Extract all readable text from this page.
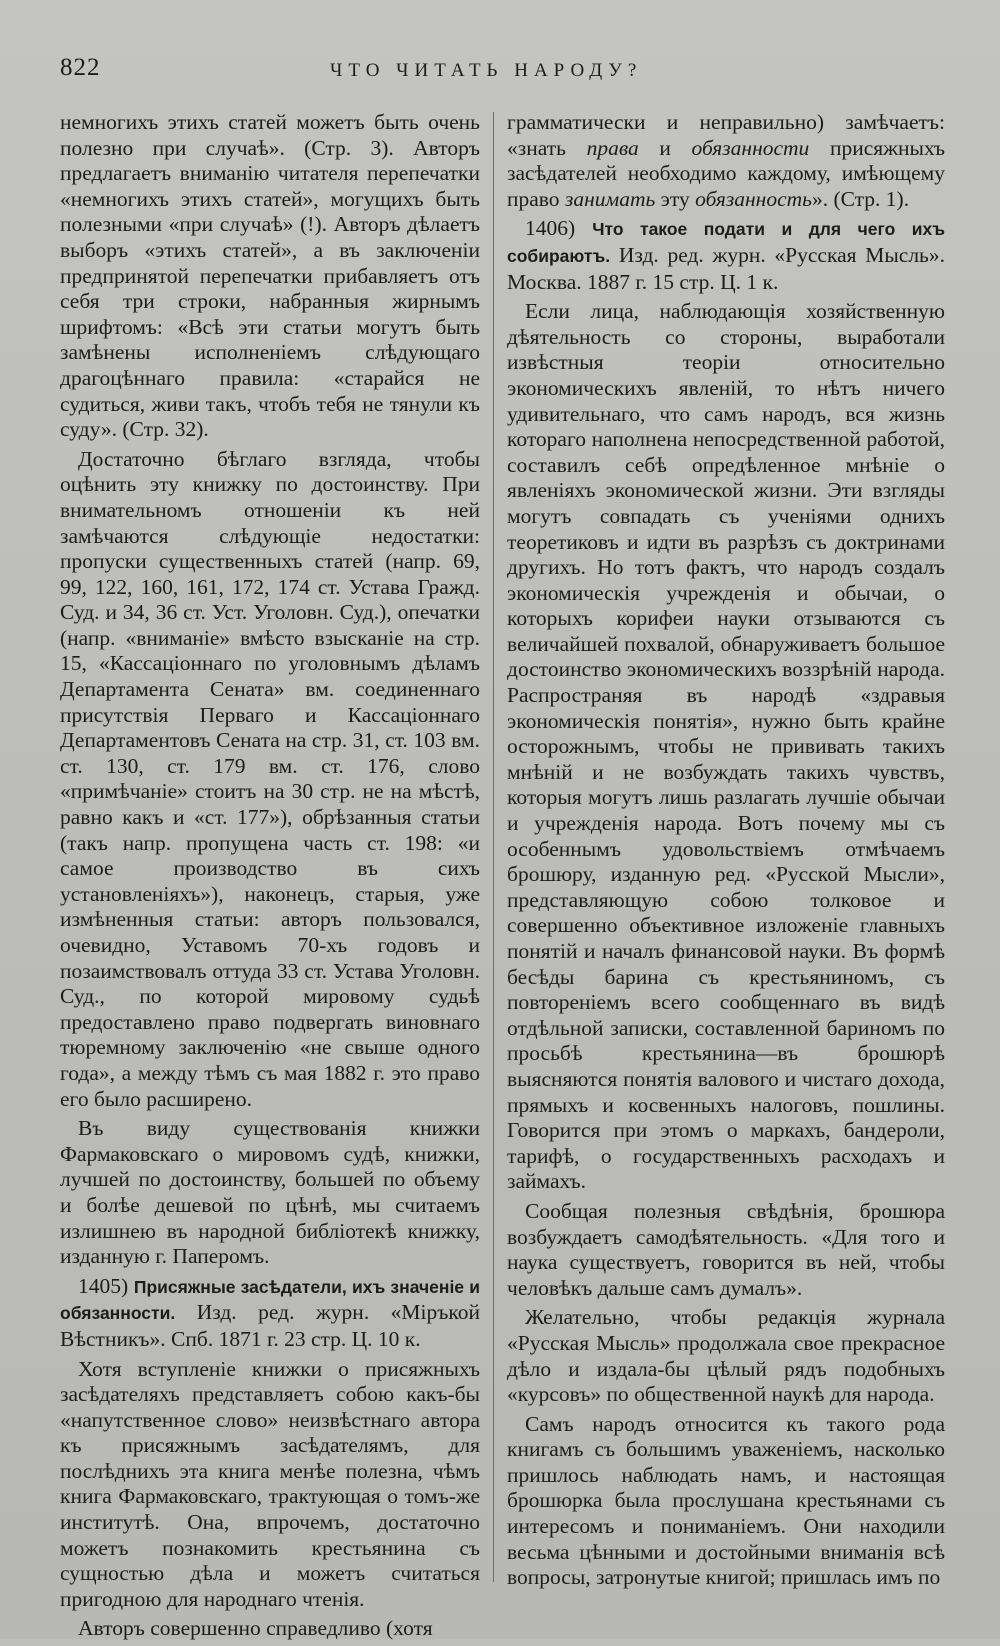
822	ЧТО ЧИТАТЬ НАРОДУ?

немногихъ этихъ статей можетъ быть очень полезно при случаѣ». (Стр. 3). Авторъ предлагаетъ вниманію читателя перепечатки «немногихъ этихъ статей», могущихъ быть полезными «при случаѣ» (!). Авторъ дѣлаетъ выборъ «этихъ статей», а въ заключеніи предпринятой перепечатки прибавляетъ отъ себя три строки, набранныя жирнымъ шрифтомъ: «Всѣ эти статьи могутъ быть замѣнены исполненіемъ слѣдующаго драгоцѣннаго правила: «старайся не судиться, живи такъ, чтобъ тебя не тянули къ суду». (Стр. 32).

Достаточно бѣглаго взгляда, чтобы оцѣнить эту книжку по достоинству. При внимательномъ отношеніи къ ней замѣчаются слѣдующіе недостатки: пропуски существенныхъ статей (напр. 69, 99, 122, 160, 161, 172, 174 ст. Устава Гражд. Суд. и 34, 36 ст. Уст. Уголовн. Суд.), опечатки (напр. «вниманіе» вмѣсто взысканіе на стр. 15, «Кассаціоннаго по уголовнымъ дѣламъ Департамента Сената» вм. соединеннаго присутствія Перваго и Кассаціоннаго Департаментовъ Сената на стр. 31, ст. 103 вм. ст. 130, ст. 179 вм. ст. 176, слово «примѣчаніе» стоитъ на 30 стр. не на мѣстѣ, равно какъ и «ст. 177»), обрѣзанныя статьи (такъ напр. пропущена часть ст. 198: «и самое производство въ сихъ установленіяхъ»), наконецъ, старыя, уже измѣненныя статьи: авторъ пользовался, очевидно, Уставомъ 70-хъ годовъ и позаимствовалъ оттуда 33 ст. Устава Уголовн. Суд., по которой мировому судьѣ предоставлено право подвергать виновнаго тюремному заключенію «не свыше одного года», а между тѣмъ съ мая 1882 г. это право его было расширено.

Въ виду существованія книжки Фармаковскаго о мировомъ судѣ, книжки, лучшей по достоинству, большей по объему и болѣе дешевой по цѣнѣ, мы считаемъ излишнею въ народной библіотекѣ книжку, изданную г. Паперомъ.

1405) Присяжные засѣдатели, ихъ значеніе и обязанности. Изд. ред. журн. «Міръкой Вѣстникъ». Спб. 1871 г. 23 стр. Ц. 10 к.

Хотя вступленіе книжки о присяжныхъ засѣдателяхъ представляетъ собою какъ-бы «напутственное слово» неизвѣстнаго автора къ присяжнымъ засѣдателямъ, для послѣднихъ эта книга менѣе полезна, чѣмъ книга Фармаковскаго, трактующая о томъ-же институтѣ. Она, впрочемъ, достаточно можетъ познакомить крестьянина съ сущностью дѣла и можетъ считаться пригодною для народнаго чтенія.

Авторъ совершенно справедливо (хотя

грамматически и неправильно) замѣчаетъ: «знать права и обязанности присяжныхъ засѣдателей необходимо каждому, имѣющему право занимать эту обязанность». (Стр. 1).

1406) Что такое подати и для чего ихъ собираютъ. Изд. ред. журн. «Русская Мысль». Москва. 1887 г. 15 стр. Ц. 1 к.

Если лица, наблюдающія хозяйственную дѣятельность со стороны, выработали извѣстныя теоріи относительно экономическихъ явленій, то нѣтъ ничего удивительнаго, что самъ народъ, вся жизнь котораго наполнена непосредственной работой, составилъ себѣ опредѣленное мнѣніе о явленіяхъ экономической жизни. Эти взгляды могутъ совпадать съ ученіями однихъ теоретиковъ и идти въ разрѣзъ съ доктринами другихъ. Но тотъ фактъ, что народъ создалъ экономическія учрежденія и обычаи, о которыхъ корифеи науки отзываются съ величайшей похвалой, обнаруживаетъ большое достоинство экономическихъ воззрѣній народа. Распространяя въ народѣ «здравыя экономическія понятія», нужно быть крайне осторожнымъ, чтобы не прививать такихъ мнѣній и не возбуждать такихъ чувствъ, которыя могутъ лишь разлагать лучшіе обычаи и учрежденія народа. Вотъ почему мы съ особеннымъ удовольствіемъ отмѣчаемъ брошюру, изданную ред. «Русской Мысли», представляющую собою толковое и совершенно объективное изложеніе главныхъ понятій и началъ финансовой науки. Въ формѣ бесѣды барина съ крестьяниномъ, съ повтореніемъ всего сообщеннаго въ видѣ отдѣльной записки, составленной бариномъ по просьбѣ крестьянина—въ брошюрѣ выясняются понятія валового и чистаго дохода, прямыхъ и косвенныхъ налоговъ, пошлины. Говорится при этомъ о маркахъ, бандероли, тарифѣ, о государственныхъ расходахъ и займахъ.

Сообщая полезныя свѣдѣнія, брошюра возбуждаетъ самодѣятельность. «Для того и наука существуетъ, говорится въ ней, чтобы человѣкъ дальше самъ думалъ».

Желательно, чтобы редакція журнала «Русская Мысль» продолжала свое прекрасное дѣло и издала-бы цѣлый рядъ подобныхъ «курсовъ» по общественной наукѣ для народа.

Самъ народъ относится къ такого рода книгамъ съ большимъ уваженіемъ, насколько пришлось наблюдать намъ, и настоящая брошюрка была прослушана крестьянами съ интересомъ и пониманіемъ. Они находили весьма цѣнными и достойными вниманія всѣ вопросы, затронутые книгой; пришлась имъ по
